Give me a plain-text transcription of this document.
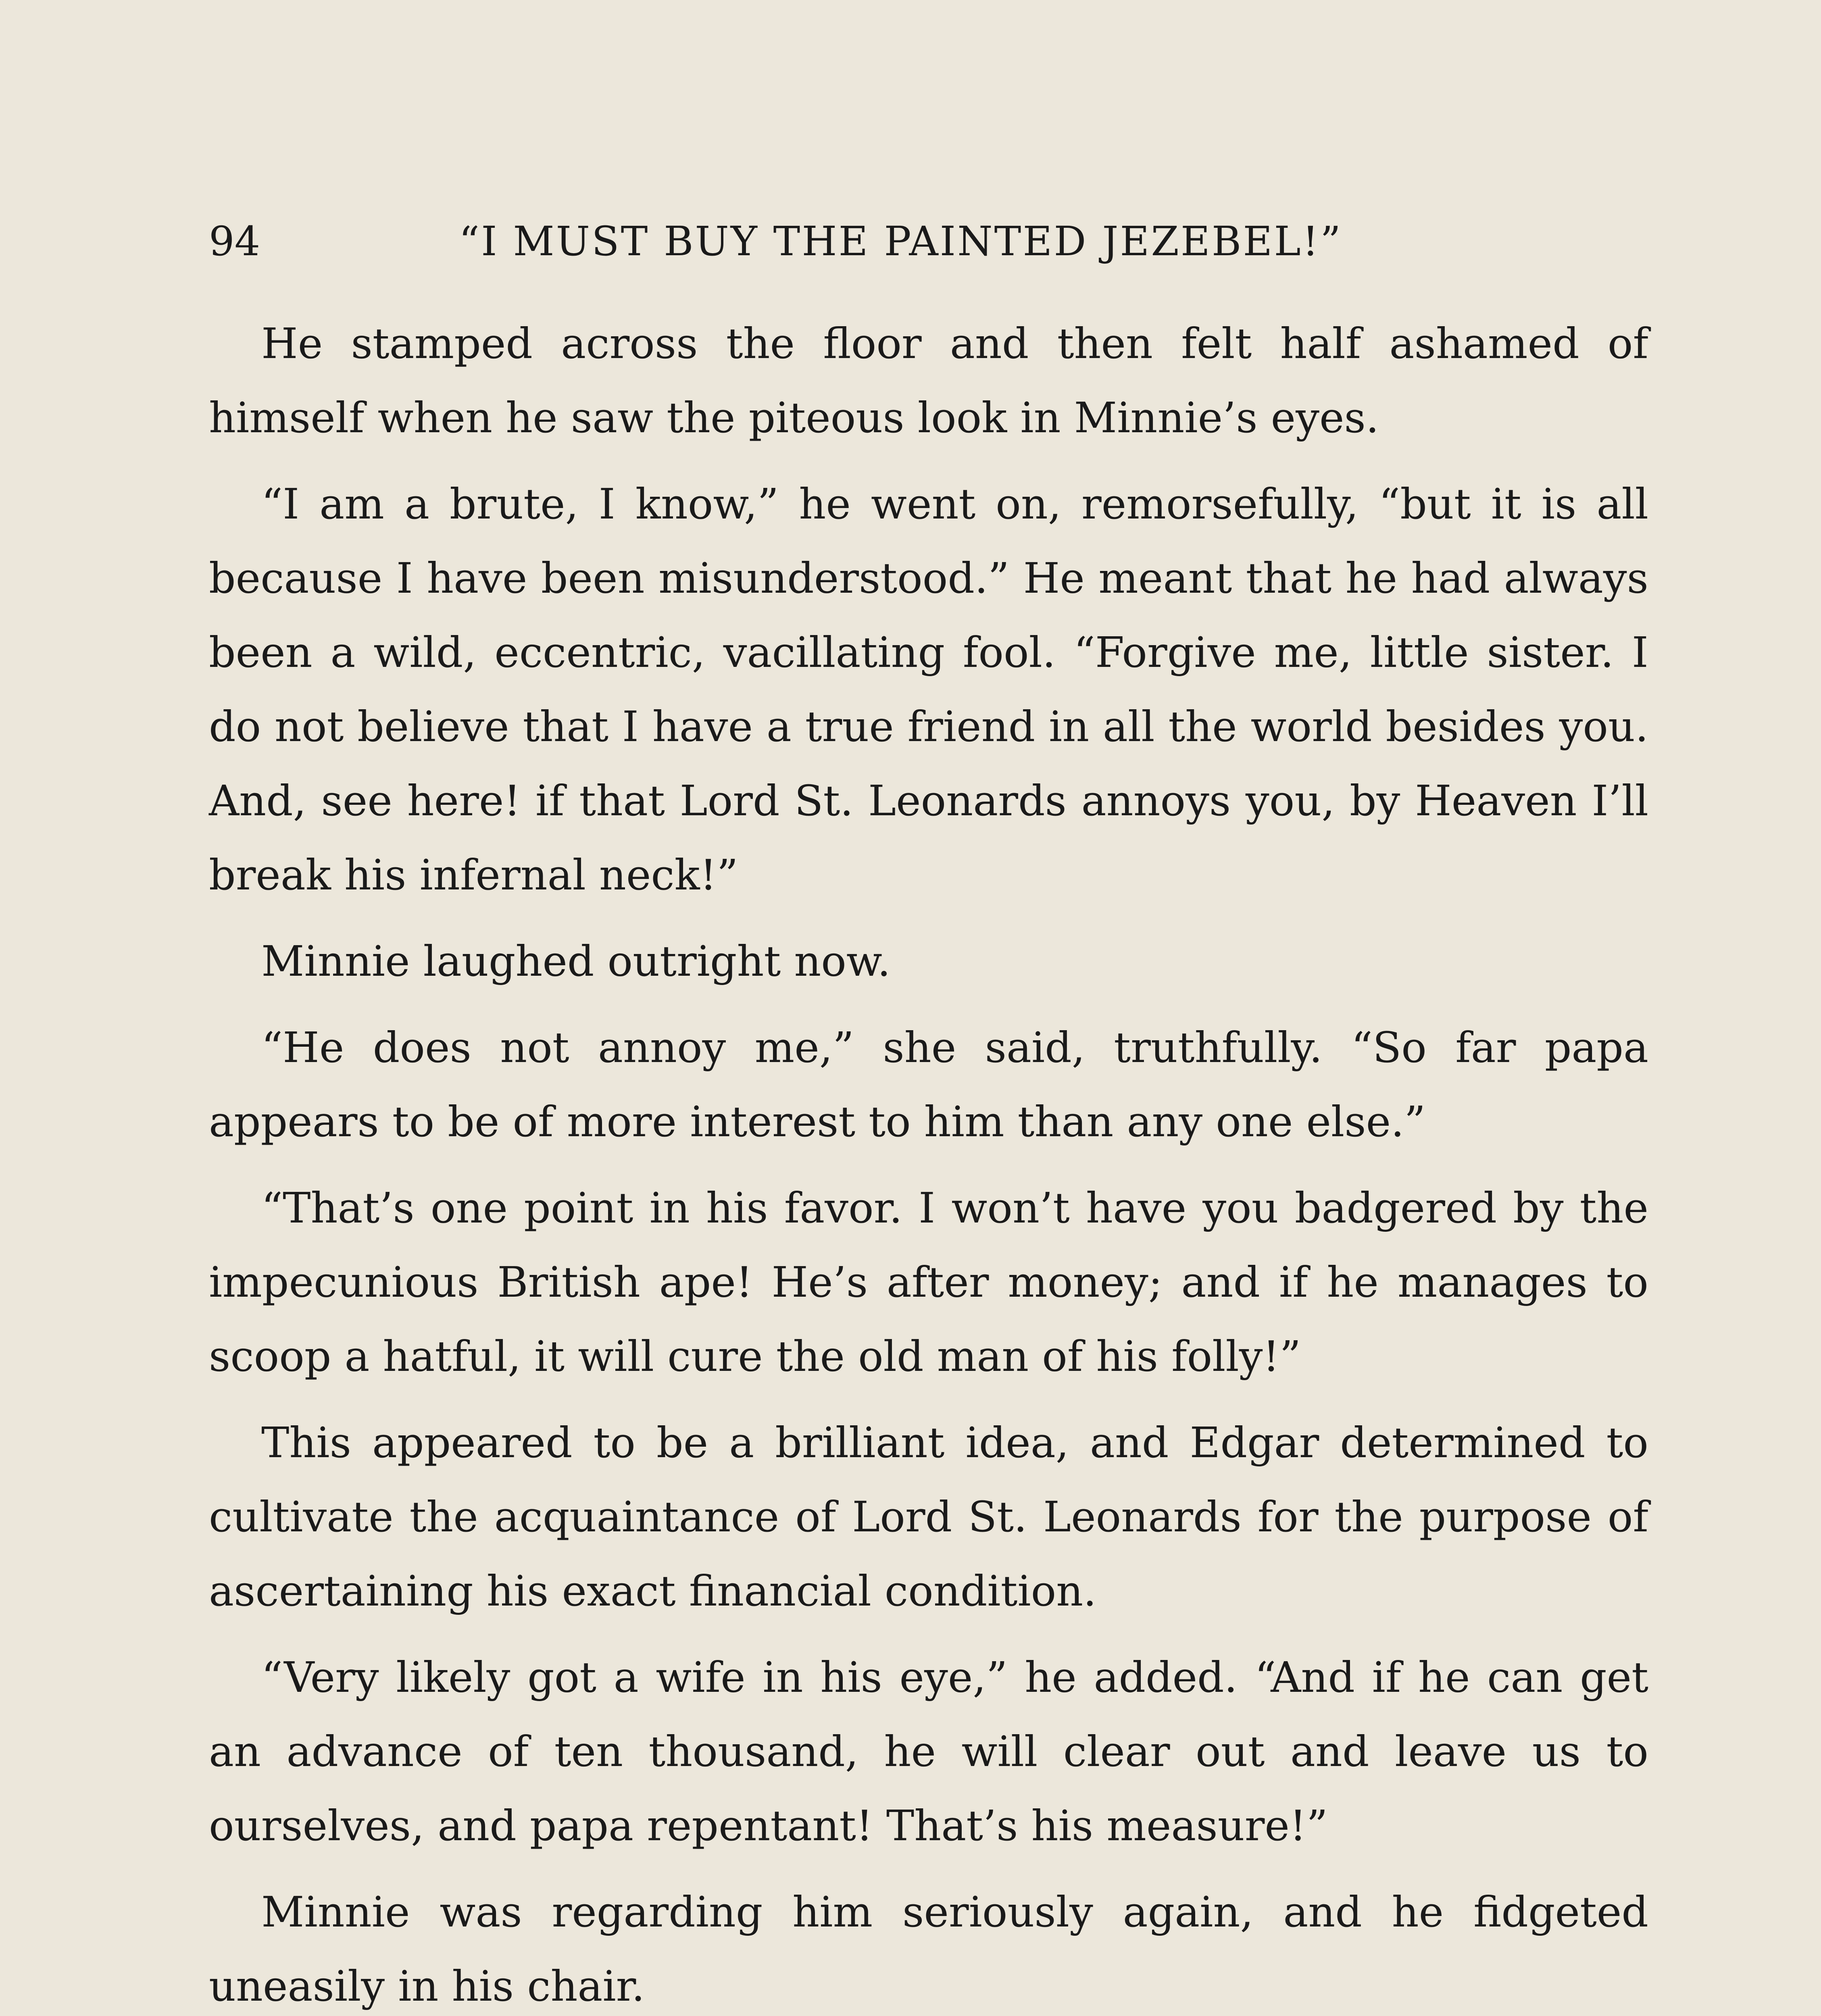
94	“I MUST BUY THE PAINTED JEZEBEL!”

He stamped across the floor and then felt half ashamed of himself when he saw the piteous look in Minnie’s eyes.

“I am a brute, I know,” he went on, remorsefully, “but it is all because I have been misunderstood.” He meant that he had always been a wild, eccentric, vacillating fool. “Forgive me, little sister. I do not believe that I have a true friend in all the world besides you. And, see here! if that Lord St. Leonards annoys you, by Heaven I’ll break his infernal neck!”

Minnie laughed outright now.

“He does not annoy me,” she said, truthfully. “So far papa appears to be of more interest to him than any one else.”

“That’s one point in his favor. I won’t have you badgered by the impecunious British ape! He’s after money; and if he manages to scoop a hatful, it will cure the old man of his folly!”

This appeared to be a brilliant idea, and Edgar determined to cultivate the acquaintance of Lord St. Leonards for the purpose of ascertaining his exact financial condition.

“Very likely got a wife in his eye,” he added. “And if he can get an advance of ten thousand, he will clear out and leave us to ourselves, and papa repentant! That’s his measure!”

Minnie was regarding him seriously again, and he fidgeted uneasily in his chair.
